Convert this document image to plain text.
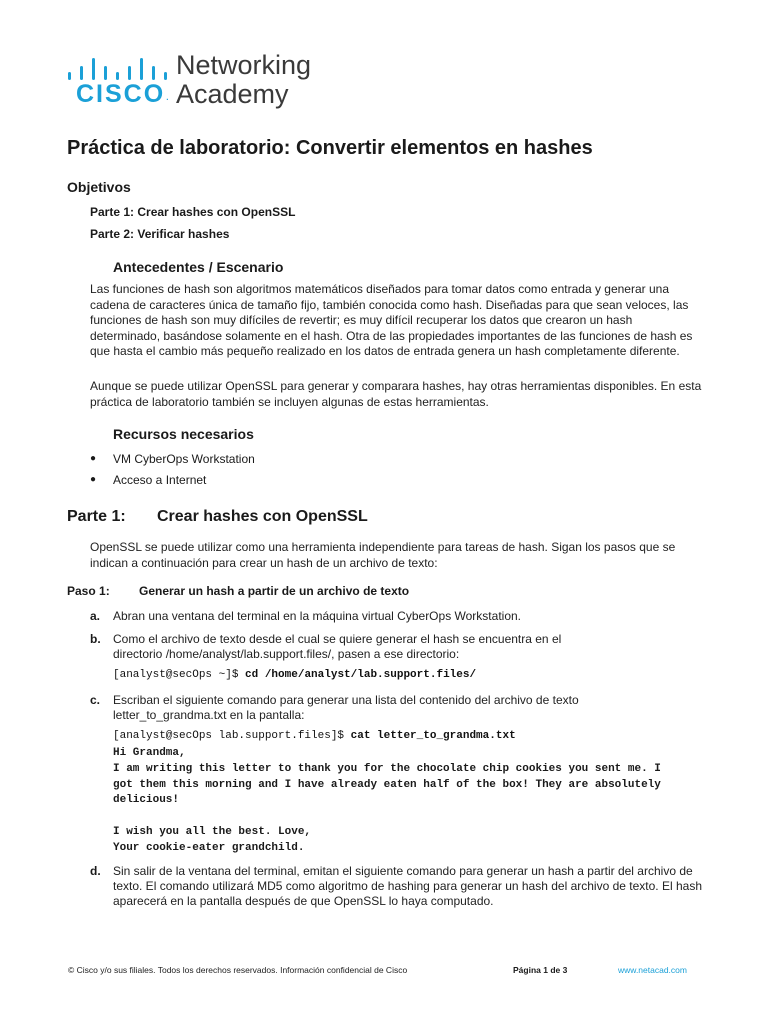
CISCO.
Networking
Academy
Práctica de laboratorio: Convertir elementos en hashes
Objetivos

Parte 1: Crear hashes con OpenSSL

Parte 2: Verificar hashes

Antecedentes / Escenario

Las funciones de hash son algoritmos matemáticos diseñados para tomar datos como entrada y generar una cadena de caracteres única de tamaño fijo, también conocida como hash. Diseñadas para que sean veloces, las funciones de hash son muy difíciles de revertir; es muy difícil recuperar los datos que crearon un hash determinado, basándose solamente en el hash. Otra de las propiedades importantes de las funciones de hash es que hasta el cambio más pequeño realizado en los datos de entrada genera un hash completamente diferente.

Aunque se puede utilizar OpenSSL para generar y comparara hashes, hay otras herramientas disponibles. En esta práctica de laboratorio también se incluyen algunas de estas herramientas.

Recursos necesarios
● VM CyberOps Workstation
● Acceso a Internet
Parte 1: Crear hashes con OpenSSL

OpenSSL se puede utilizar como una herramienta independiente para tareas de hash. Sigan los pasos que se indican a continuación para crear un hash de un archivo de texto:

Paso 1: Generar un hash a partir de un archivo de texto
a. Abran una ventana del terminal en la máquina virtual CyberOps Workstation.

b. Como el archivo de texto desde el cual se quiere generar el hash se encuentra en el directorio /home/analyst/lab.support.files/, pasen a ese directorio:

[analyst@secOps ~]$ cd /home/analyst/lab.support.files/

c. Escriban el siguiente comando para generar una lista del contenido del archivo de texto letter_to_grandma.txt en la pantalla:

[analyst@secOps lab.support.files]$ cat letter_to_grandma.txt

Hi Grandma,
I am writing this letter to thank you for the chocolate chip cookies you sent me. I
got them this morning and I have already eaten half of the box! They are absolutely
delicious!
I wish you all the best. Love,
Your cookie-eater grandchild.
d. Sin salir de la ventana del terminal, emitan el siguiente comando para generar un hash a partir del archivo de texto. El comando utilizará MD5 como algoritmo de hashing para generar un hash del archivo de texto. El hash aparecerá en la pantalla después de que OpenSSL lo haya computado.

© Cisco y/o sus filiales. Todos los derechos reservados. Información confidencial de Cisco	Página 1 de 3	www.netacad.com
